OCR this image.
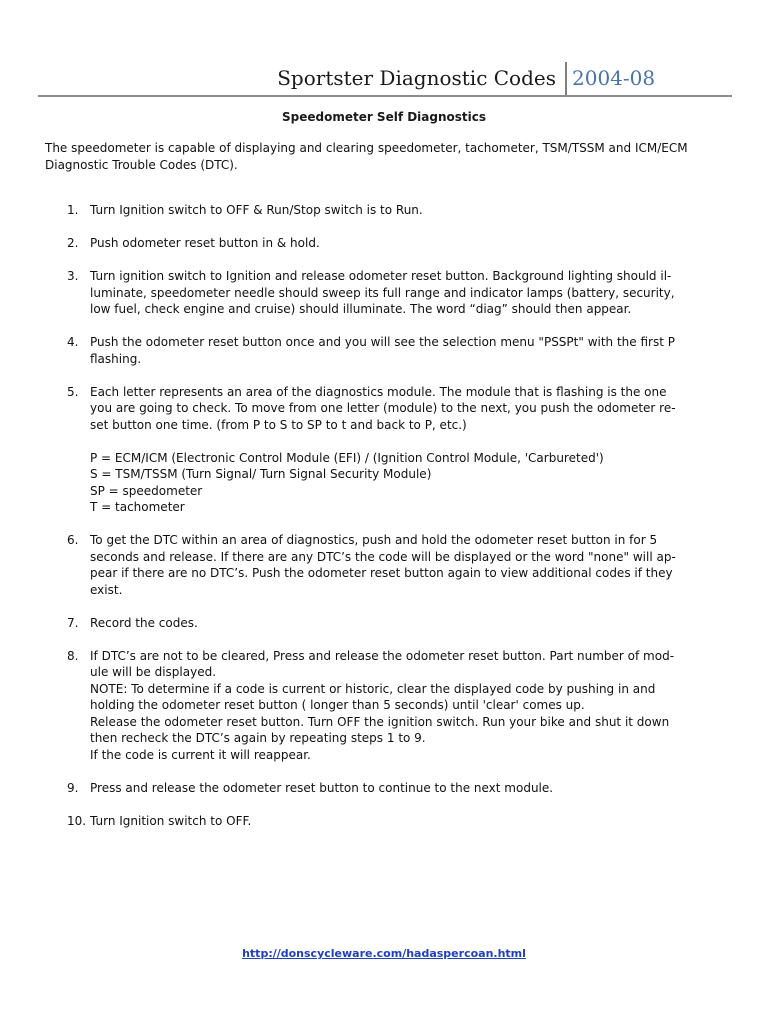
Sportster Diagnostic Codes 2004-08
Speedometer Self Diagnostics
The speedometer is capable of displaying and clearing speedometer, tachometer, TSM/TSSM and ICM/ECM
Diagnostic Trouble Codes (DTC).
1. Turn Ignition switch to OFF & Run/Stop switch is to Run.
2. Push odometer reset button in & hold.
3. Turn ignition switch to Ignition and release odometer reset button. Background lighting should il-
luminate, speedometer needle should sweep its full range and indicator lamps (battery, security,
low fuel, check engine and cruise) should illuminate. The word “diag” should then appear.
4. Push the odometer reset button once and you will see the selection menu "PSSPt" with the first P
flashing.
5. Each letter represents an area of the diagnostics module. The module that is flashing is the one
you are going to check. To move from one letter (module) to the next, you push the odometer re-
set button one time. (from P to S to SP to t and back to P, etc.)
P = ECM/ICM (Electronic Control Module (EFI) / (Ignition Control Module, 'Carbureted')
S = TSM/TSSM (Turn Signal/ Turn Signal Security Module)
SP = speedometer
T = tachometer
6. To get the DTC within an area of diagnostics, push and hold the odometer reset button in for 5
seconds and release. If there are any DTC’s the code will be displayed or the word "none" will ap-
pear if there are no DTC’s. Push the odometer reset button again to view additional codes if they
exist.
7. Record the codes.
8. If DTC’s are not to be cleared, Press and release the odometer reset button. Part number of mod-
ule will be displayed.
NOTE: To determine if a code is current or historic, clear the displayed code by pushing in and
holding the odometer reset button ( longer than 5 seconds) until 'clear' comes up.
Release the odometer reset button. Turn OFF the ignition switch. Run your bike and shut it down
then recheck the DTC’s again by repeating steps 1 to 9.
If the code is current it will reappear.
9. Press and release the odometer reset button to continue to the next module.
10. Turn Ignition switch to OFF.
http://donscycleware.com/hadaspercoan.html
